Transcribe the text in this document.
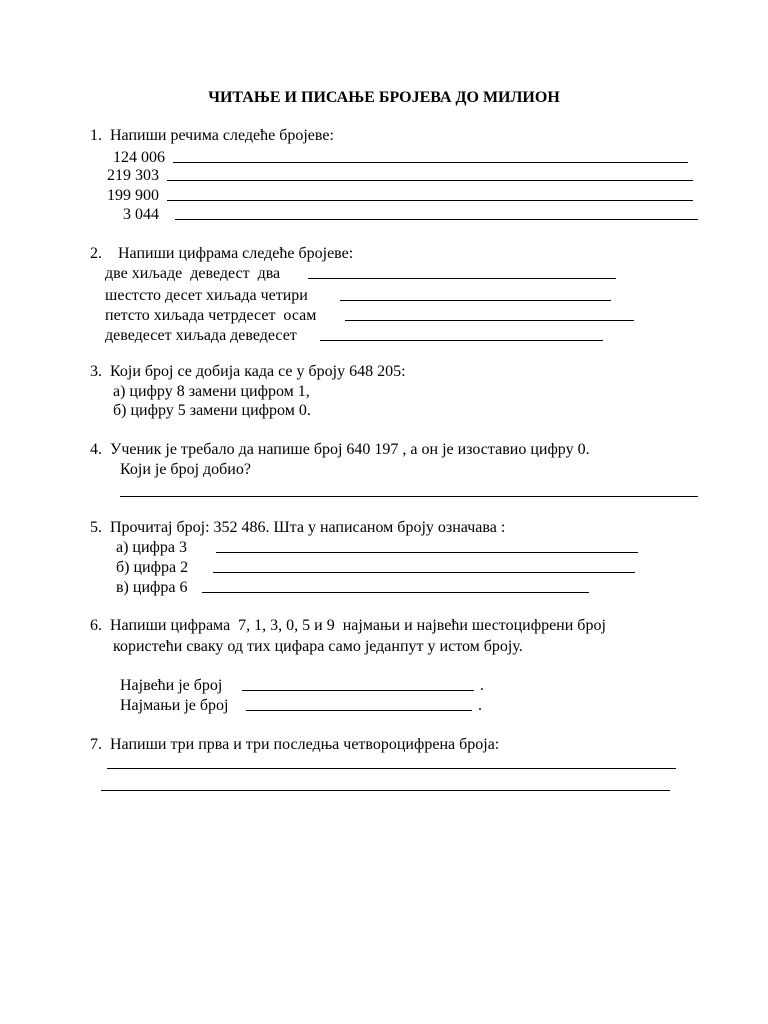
ЧИТАЊЕ И ПИСАЊЕ БРОЈЕВА ДО МИЛИОН
1.  Напиши речима следеће бројеве:
124 006
219 303
199 900
3 044
2.    Напиши цифрама следеће бројеве:
две хиљаде  деведест  два
шестсто десет хиљада четири
петсто хиљада четрдесет  осам
деведесет хиљада деведесет
3.  Који број се добија када се у броју 648 205:
а) цифру 8 замени цифром 1,
б) цифру 5 замени цифром 0.
4.  Ученик је требало да напише број 640 197 , а он је изоставио цифру 0.
Који је број добио?
5.  Прочитај број: 352 486. Шта у написаном броју означава :
а) цифра 3
б) цифра 2
в) цифра 6
6.  Напиши цифрама  7, 1, 3, 0, 5 и 9  најмањи и највећи шестоцифрени број
користећи сваку од тих цифара само једанпут у истом броју.
Највећи је број	.
Најмањи је број	.
7.  Напиши три прва и три последња четвороцифрена броја:
